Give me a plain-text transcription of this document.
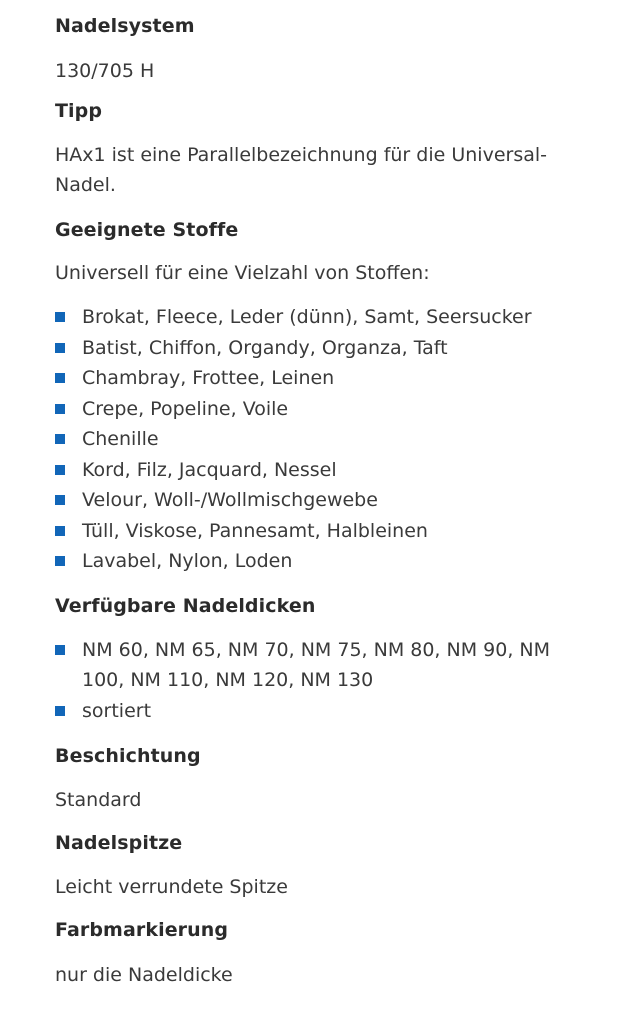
Nadelsystem

130/705 H

Tipp

HAx1 ist eine Parallelbezeichnung für die Universal-Nadel.

Geeignete Stoffe

Universell für eine Vielzahl von Stoffen:

Brokat, Fleece, Leder (dünn), Samt, Seersucker
Batist, Chiffon, Organdy, Organza, Taft
Chambray, Frottee, Leinen
Crepe, Popeline, Voile
Chenille
Kord, Filz, Jacquard, Nessel
Velour, Woll-/Wollmischgewebe
Tüll, Viskose, Pannesamt, Halbleinen
Lavabel, Nylon, Loden
Verfügbare Nadeldicken
NM 60, NM 65, NM 70, NM 75, NM 80, NM 90, NM 100, NM 110, NM 120, NM 130
sortiert
Beschichtung

Standard

Nadelspitze

Leicht verrundete Spitze

Farbmarkierung

nur die Nadeldicke
